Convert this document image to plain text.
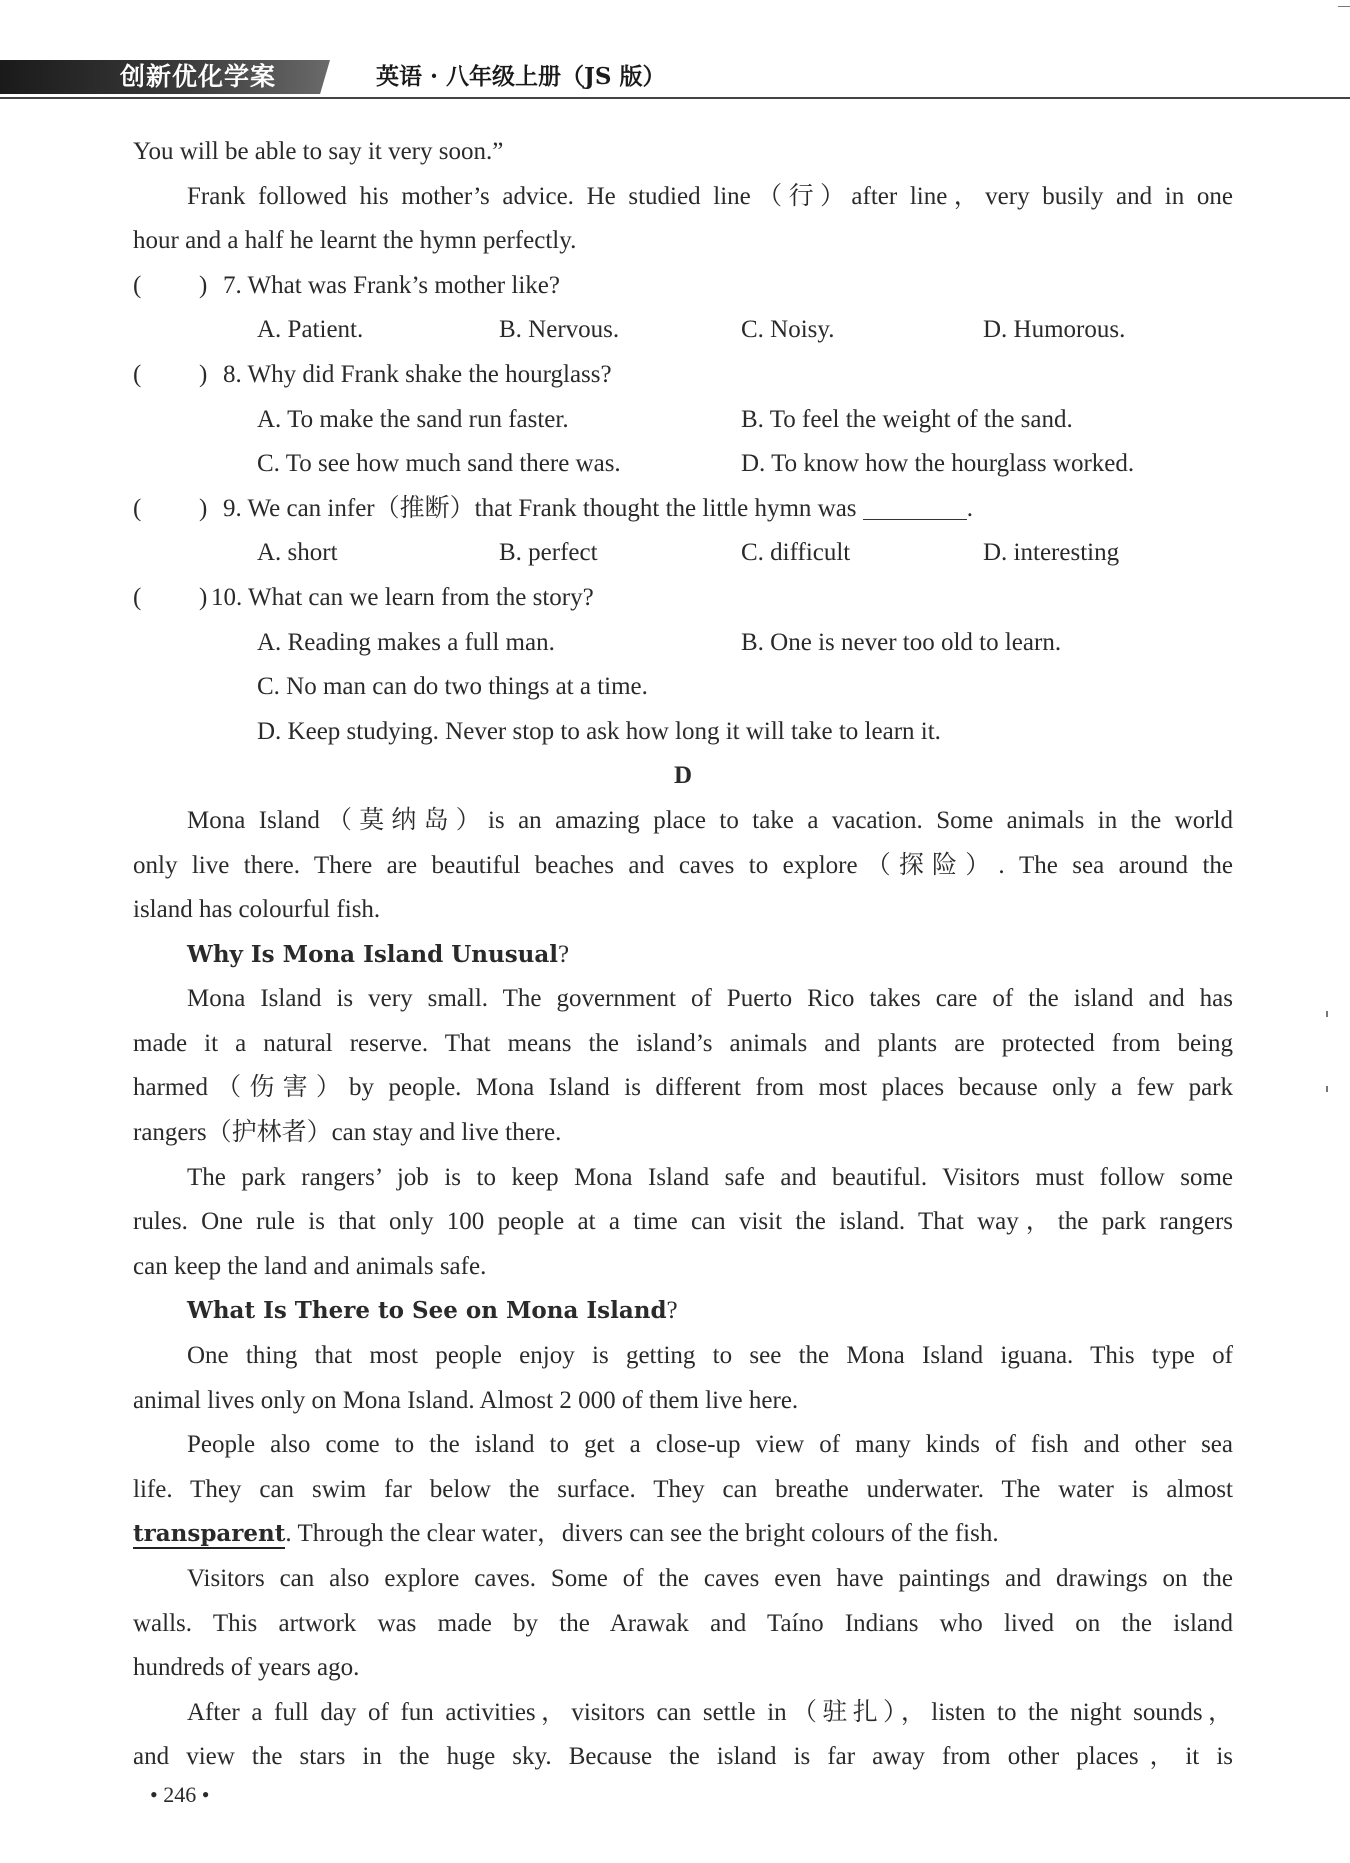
创新优化学案	英语 · 八年级上册（JS 版）
You will be able to say it very soon.”
Frank followed his mother’s advice. He studied line（行）after line，very busily and in one
hour and a half he learnt the hymn perfectly.
( ) 7. What was Frank’s mother like?
A. Patient.	B. Nervous.	C. Noisy.	D. Humorous.
( ) 8. Why did Frank shake the hourglass?
A. To make the sand run faster.	B. To feel the weight of the sand.
C. To see how much sand there was.	D. To know how the hourglass worked.
( ) 9. We can infer（推断）that Frank thought the little hymn was	.
A. short	B. perfect	C. difficult	D. interesting
( ) 10. What can we learn from the story?
A. Reading makes a full man.	B. One is never too old to learn.
C. No man can do two things at a time.
D. Keep studying. Never stop to ask how long it will take to learn it.
D
Mona Island（莫纳岛）is an amazing place to take a vacation. Some animals in the world
only live there. There are beautiful beaches and caves to explore（探险）. The sea around the
island has colourful fish.
Why Is Mona Island Unusual?
Mona Island is very small. The government of Puerto Rico takes care of the island and has
made it a natural reserve. That means the island’s animals and plants are protected from being
harmed（伤害）by people. Mona Island is different from most places because only a few park
rangers（护林者）can stay and live there.
The park rangers’ job is to keep Mona Island safe and beautiful. Visitors must follow some
rules. One rule is that only 100 people at a time can visit the island. That way，the park rangers
can keep the land and animals safe.
What Is There to See on Mona Island?
One thing that most people enjoy is getting to see the Mona Island iguana. This type of
animal lives only on Mona Island. Almost 2 000 of them live here.
People also come to the island to get a close-up view of many kinds of fish and other sea
life. They can swim far below the surface. They can breathe underwater. The water is almost
transparent. Through the clear water，divers can see the bright colours of the fish.
Visitors can also explore caves. Some of the caves even have paintings and drawings on the
walls. This artwork was made by the Arawak and Taíno Indians who lived on the island
hundreds of years ago.
After a full day of fun activities，visitors can settle in（驻扎），listen to the night sounds，
and view the stars in the huge sky. Because the island is far away from other places，it is
• 246 •
